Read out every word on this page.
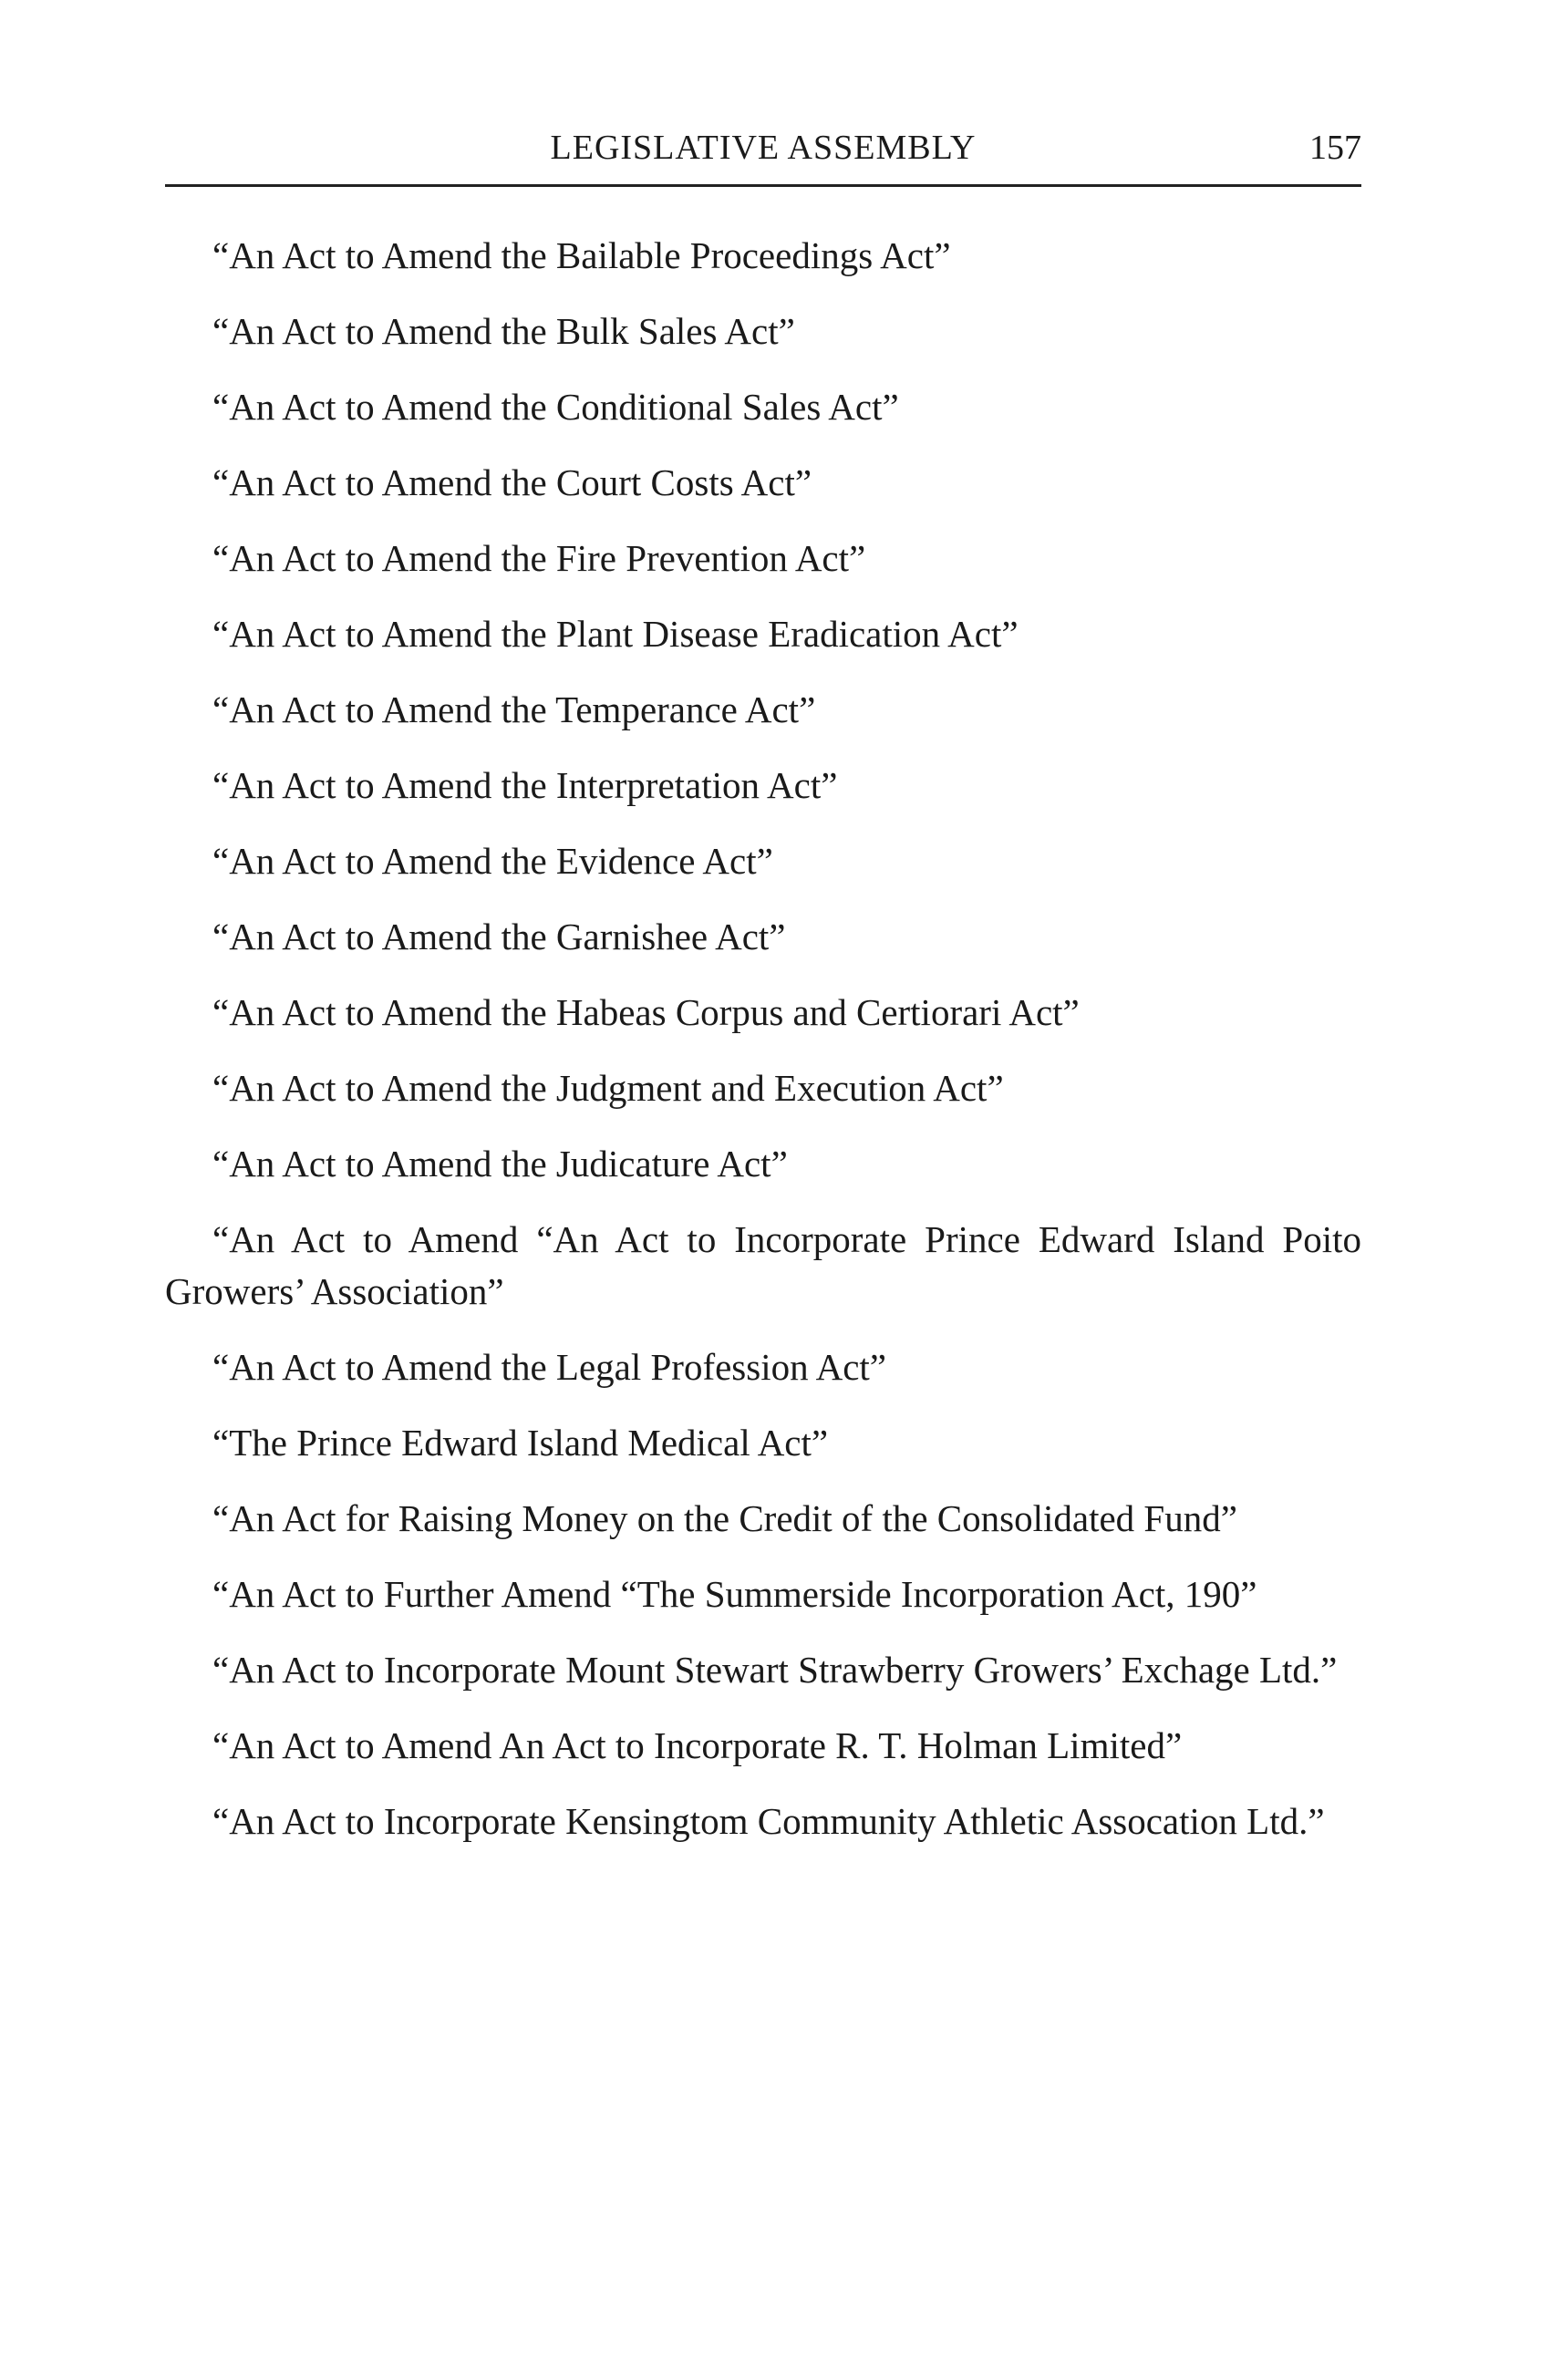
LEGISLATIVE ASSEMBLY	157

“An Act to Amend the Bailable Proceedings Act”

“An Act to Amend the Bulk Sales Act”

“An Act to Amend the Conditional Sales Act”

“An Act to Amend the Court Costs Act”

“An Act to Amend the Fire Prevention Act”

“An Act to Amend the Plant Disease Eradication Act”

“An Act to Amend the Temperance Act”

“An Act to Amend the Interpretation Act”

“An Act to Amend the Evidence Act”

“An Act to Amend the Garnishee Act”

“An Act to Amend the Habeas Corpus and Certiorari Act”

“An Act to Amend the Judgment and Execution Act”

“An Act to Amend the Judicature Act”

“An Act to Amend “An Act to Incorporate Prince Edward Island Poito Growers’ Association”

“An Act to Amend the Legal Profession Act”

“The Prince Edward Island Medical Act”

“An Act for Raising Money on the Credit of the Consolidated Fund”

“An Act to Further Amend “The Summerside Incorporation Act, 190”

“An Act to Incorporate Mount Stewart Strawberry Growers’ Exchage Ltd.”

“An Act to Amend An Act to Incorporate R. T. Holman Limited”

“An Act to Incorporate Kensingtom Community Athletic Assocation Ltd.”
